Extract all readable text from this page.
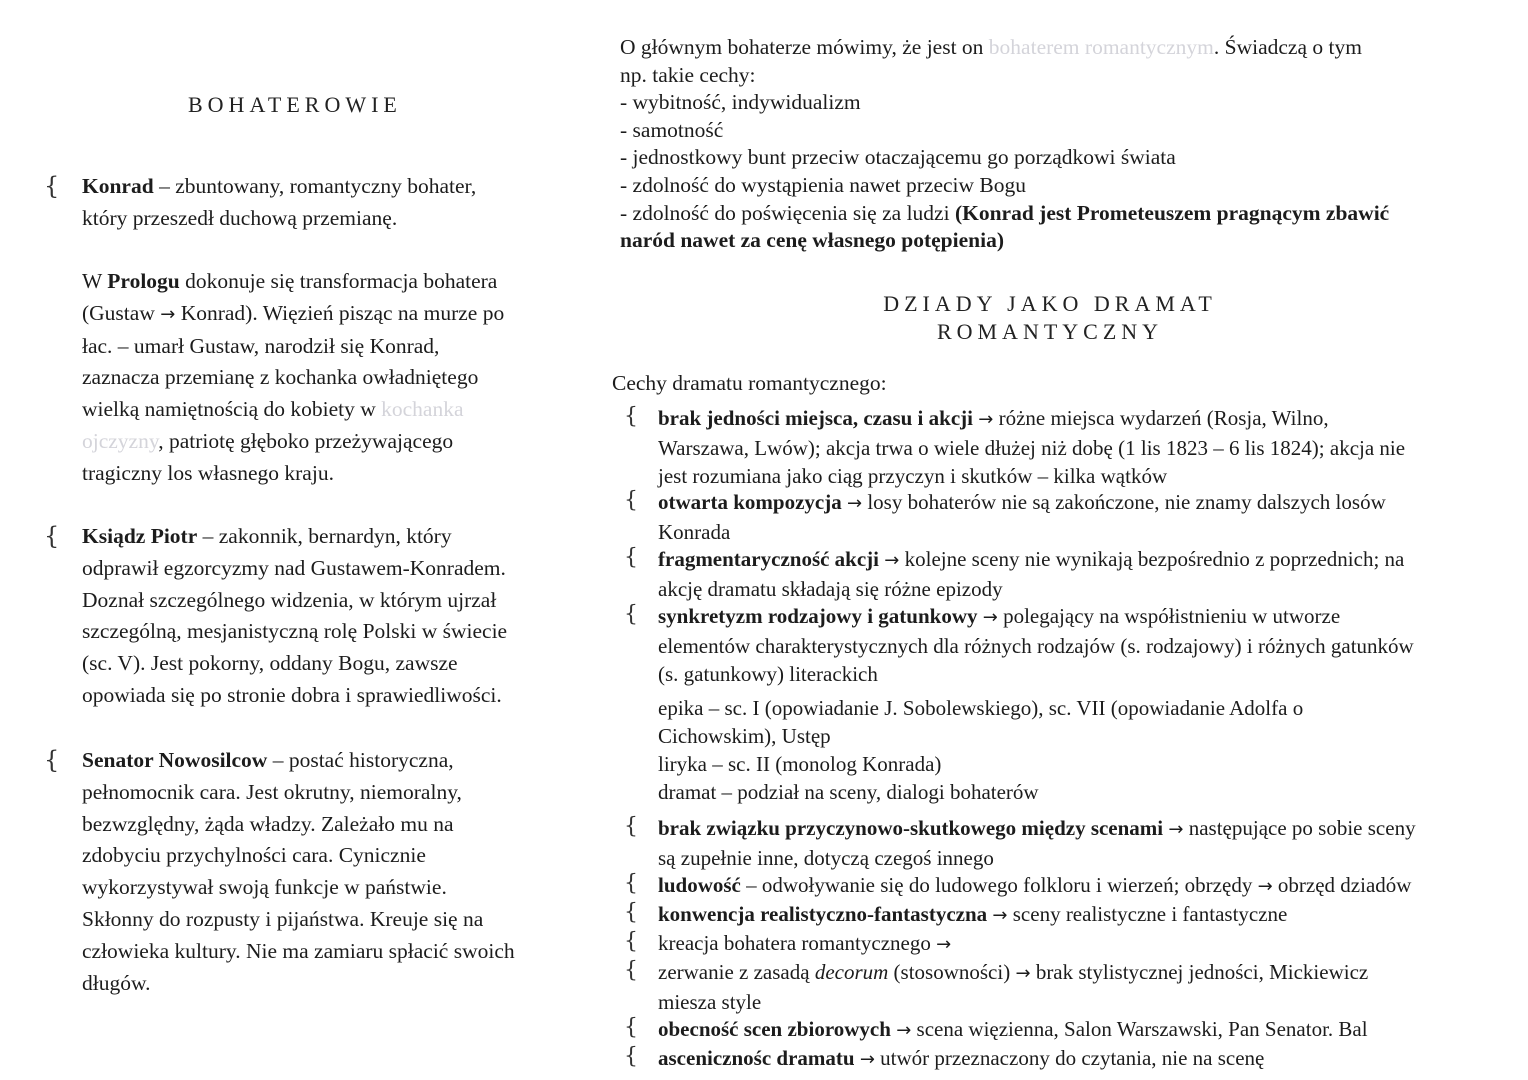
BOHATEROWIE
{ Konrad – zbuntowany, romantyczny bohater,
który przeszedł duchową przemianę.
W Prologu dokonuje się transformacja bohatera
(Gustaw → Konrad). Więzień pisząc na murze po
łac. – umarł Gustaw, narodził się Konrad,
zaznacza przemianę z kochanka owładniętego
wielką namiętnością do kobiety w kochanka
ojczyzny, patriotę głęboko przeżywającego
tragiczny los własnego kraju.
{ Ksiądz Piotr – zakonnik, bernardyn, który
odprawił egzorcyzmy nad Gustawem-Konradem.
Doznał szczególnego widzenia, w którym ujrzał
szczególną, mesjanistyczną rolę Polski w świecie
(sc. V). Jest pokorny, oddany Bogu, zawsze
opowiada się po stronie dobra i sprawiedliwości.
{ Senator Nowosilcow – postać historyczna,
pełnomocnik cara. Jest okrutny, niemoralny,
bezwzględny, żąda władzy. Zależało mu na
zdobyciu przychylności cara. Cynicznie
wykorzystywał swoją funkcje w państwie.
Skłonny do rozpusty i pijaństwa. Kreuje się na
człowieka kultury. Nie ma zamiaru spłacić swoich
długów.
O głównym bohaterze mówimy, że jest on bohaterem romantycznym. Świadczą o tym
np. takie cechy:
- wybitność, indywidualizm
- samotność
- jednostkowy bunt przeciw otaczającemu go porządkowi świata
- zdolność do wystąpienia nawet przeciw Bogu
- zdolność do poświęcenia się za ludzi (Konrad jest Prometeuszem pragnącym zbawić
naród nawet za cenę własnego potępienia)
DZIADY JAKO DRAMAT
ROMANTYCZNY
Cechy dramatu romantycznego:
{ brak jedności miejsca, czasu i akcji → różne miejsca wydarzeń (Rosja, Wilno,
Warszawa, Lwów); akcja trwa o wiele dłużej niż dobę (1 lis 1823 – 6 lis 1824); akcja nie
jest rozumiana jako ciąg przyczyn i skutków – kilka wątków
{ otwarta kompozycja → losy bohaterów nie są zakończone, nie znamy dalszych losów
Konrada
{ fragmentaryczność akcji → kolejne sceny nie wynikają bezpośrednio z poprzednich; na
akcję dramatu składają się różne epizody
{ synkretyzm rodzajowy i gatunkowy → polegający na współistnieniu w utworze
elementów charakterystycznych dla różnych rodzajów (s. rodzajowy) i różnych gatunków
(s. gatunkowy) literackich
epika – sc. I (opowiadanie J. Sobolewskiego), sc. VII (opowiadanie Adolfa o
Cichowskim), Ustęp
liryka – sc. II (monolog Konrada)
dramat – podział na sceny, dialogi bohaterów
{ brak związku przyczynowo-skutkowego między scenami → następujące po sobie sceny
są zupełnie inne, dotyczą czegoś innego
{ ludowość – odwoływanie się do ludowego folkloru i wierzeń; obrzędy → obrzęd dziadów
{ konwencja realistyczno-fantastyczna → sceny realistyczne i fantastyczne
{ kreacja bohatera romantycznego →
{ zerwanie z zasadą decorum (stosowności) → brak stylistycznej jedności, Mickiewicz
miesza style
{ obecność scen zbiorowych → scena więzienna, Salon Warszawski, Pan Senator. Bal
{ ascenicznośc dramatu → utwór przeznaczony do czytania, nie na scenę
